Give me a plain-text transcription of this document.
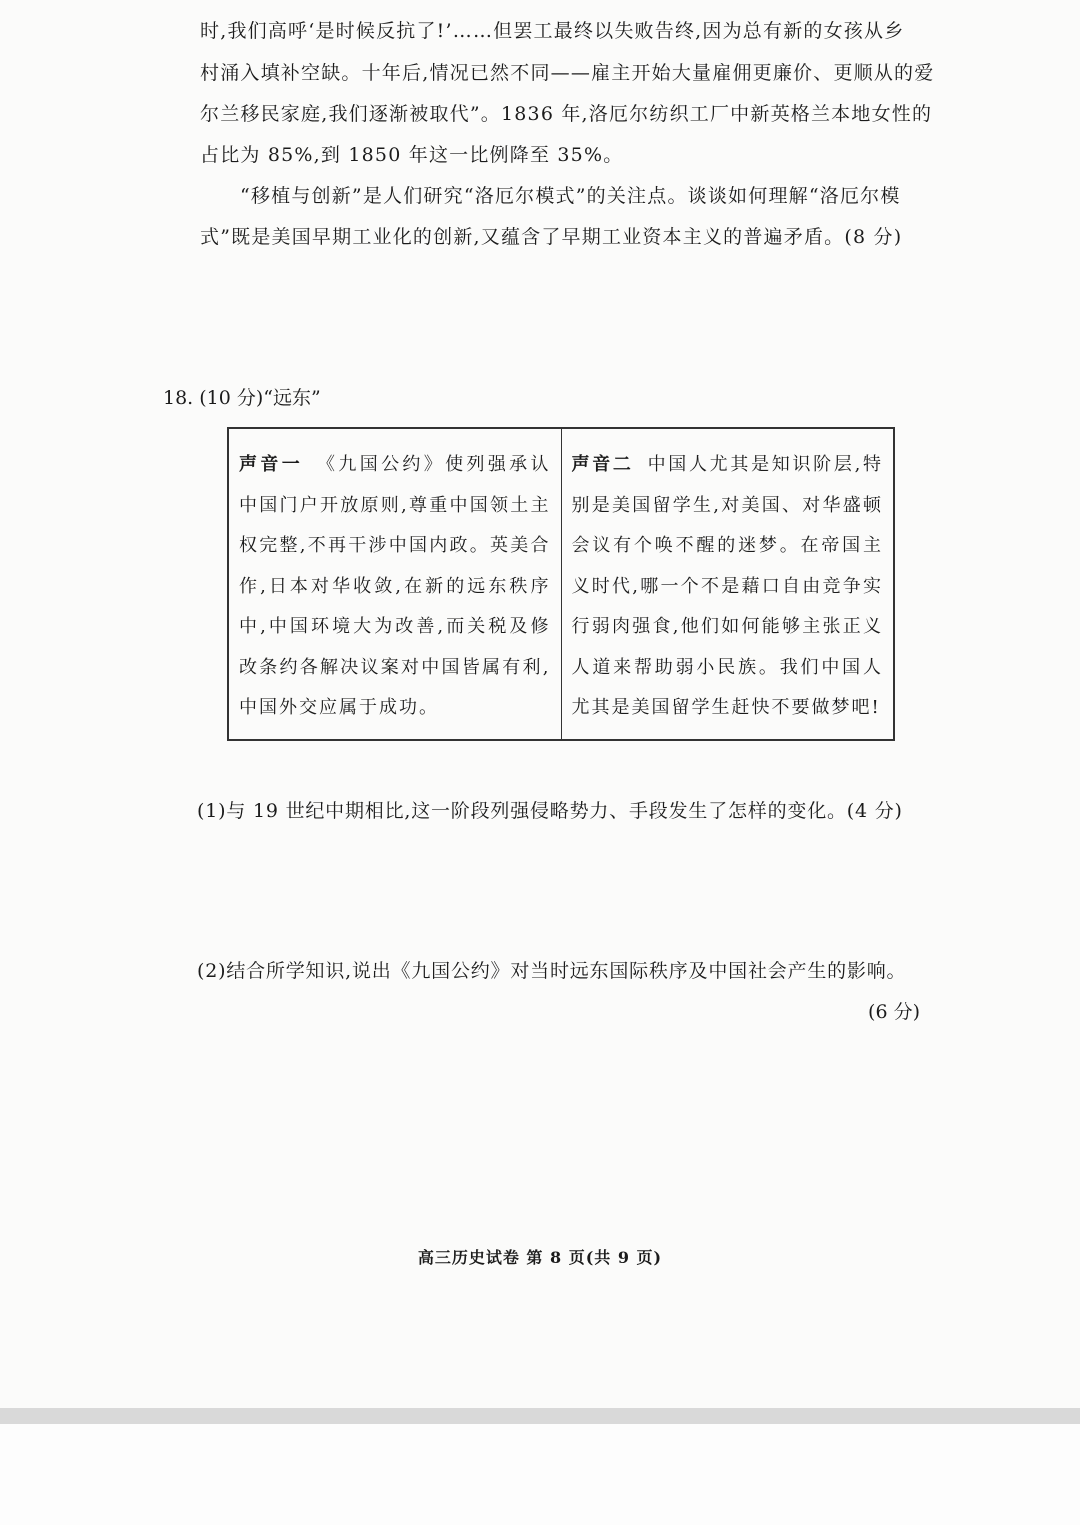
时,我们高呼‘是时候反抗了!’……但罢工最终以失败告终,因为总有新的女孩从乡
村涌入填补空缺。十年后,情况已然不同——雇主开始大量雇佣更廉价、更顺从的爱
尔兰移民家庭,我们逐渐被取代”。1836 年,洛厄尔纺织工厂中新英格兰本地女性的
占比为 85%,到 1850 年这一比例降至 35%。
“移植与创新”是人们研究“洛厄尔模式”的关注点。谈谈如何理解“洛厄尔模
式”既是美国早期工业化的创新,又蕴含了早期工业资本主义的普遍矛盾。(8 分)
18. (10 分)“远东”
声音一 《九国公约》使列强承认中国门户开放原则,尊重中国领土主权完整,不再干涉中国内政。英美合作,日本对华收敛,在新的远东秩序中,中国环境大为改善,而关税及修改条约各解决议案对中国皆属有利,中国外交应属于成功。	声音二 中国人尤其是知识阶层,特别是美国留学生,对美国、对华盛顿会议有个唤不醒的迷梦。在帝国主义时代,哪一个不是藉口自由竞争实行弱肉强食,他们如何能够主张正义人道来帮助弱小民族。我们中国人尤其是美国留学生赶快不要做梦吧!
(1)与 19 世纪中期相比,这一阶段列强侵略势力、手段发生了怎样的变化。(4 分)
(2)结合所学知识,说出《九国公约》对当时远东国际秩序及中国社会产生的影响。
(6 分)
高三历史试卷 第 8 页(共 9 页)
